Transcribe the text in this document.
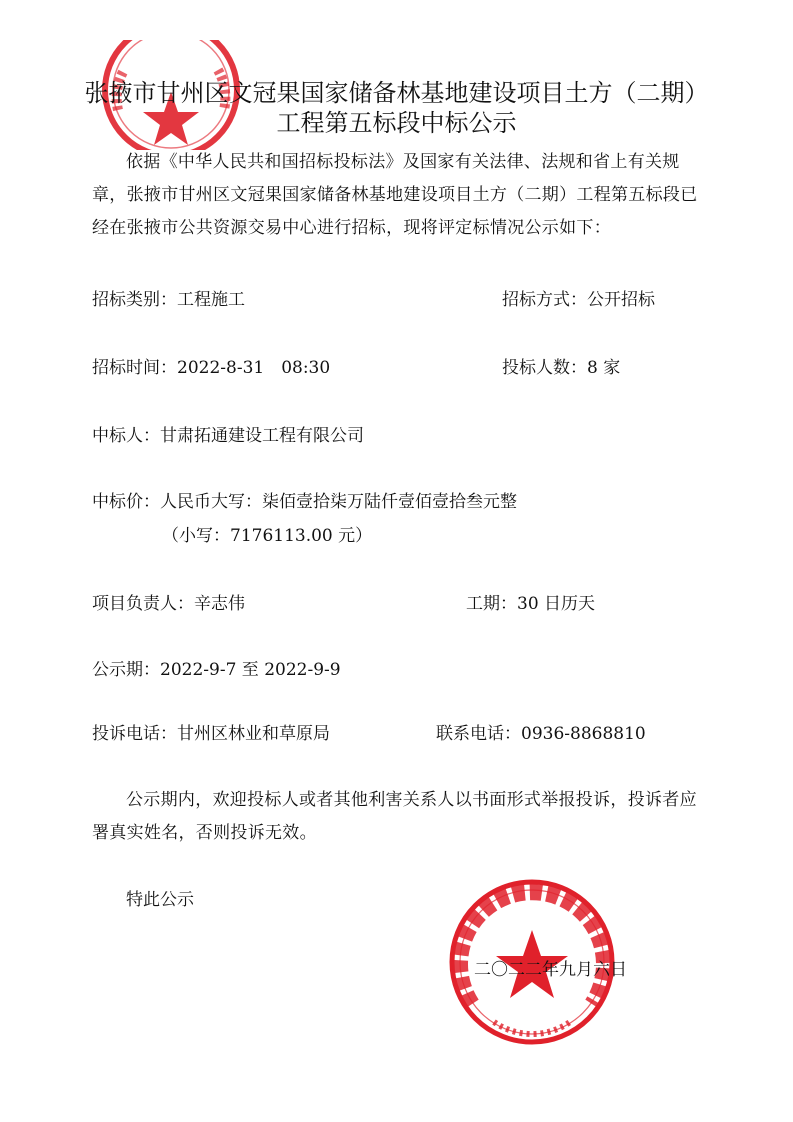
张掖市甘州区文冠果国家储备林基地建设项目土方（二期）
工程第五标段中标公示
依据《中华人民共和国招标投标法》及国家有关法律、法规和省上有关规章，张掖市甘州区文冠果国家储备林基地建设项目土方（二期）工程第五标段已经在张掖市公共资源交易中心进行招标，现将评定标情况公示如下：
招标类别：工程施工	招标方式：公开招标
招标时间：2022-8-31　08:30	投标人数：8 家
中标人：甘肃拓通建设工程有限公司
中标价：人民币大写：柒佰壹拾柒万陆仟壹佰壹拾叁元整
（小写：7176113.00 元）
项目负责人：辛志伟	工期：30 日历天
公示期：2022-9-7 至 2022-9-9
投诉电话：甘州区林业和草原局	联系电话：0936-8868810
公示期内，欢迎投标人或者其他利害关系人以书面形式举报投诉，投诉者应署真实姓名，否则投诉无效。
特此公示
二〇二二年九月六日
